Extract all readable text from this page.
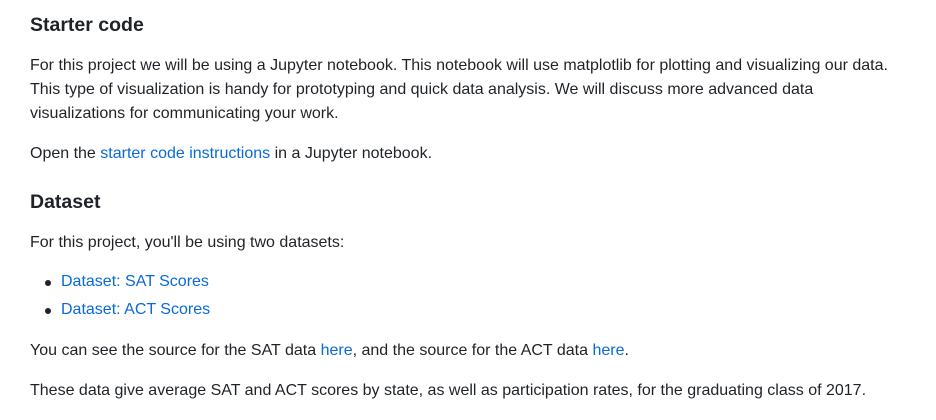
Starter code
For this project we will be using a Jupyter notebook. This notebook will use matplotlib for plotting and visualizing our data.
This type of visualization is handy for prototyping and quick data analysis. We will discuss more advanced data
visualizations for communicating your work.

Open the starter code instructions in a Jupyter notebook.

Dataset

For this project, you'll be using two datasets:

Dataset: SAT Scores
Dataset: ACT Scores

You can see the source for the SAT data here, and the source for the ACT data here.

These data give average SAT and ACT scores by state, as well as participation rates, for the graduating class of 2017.
